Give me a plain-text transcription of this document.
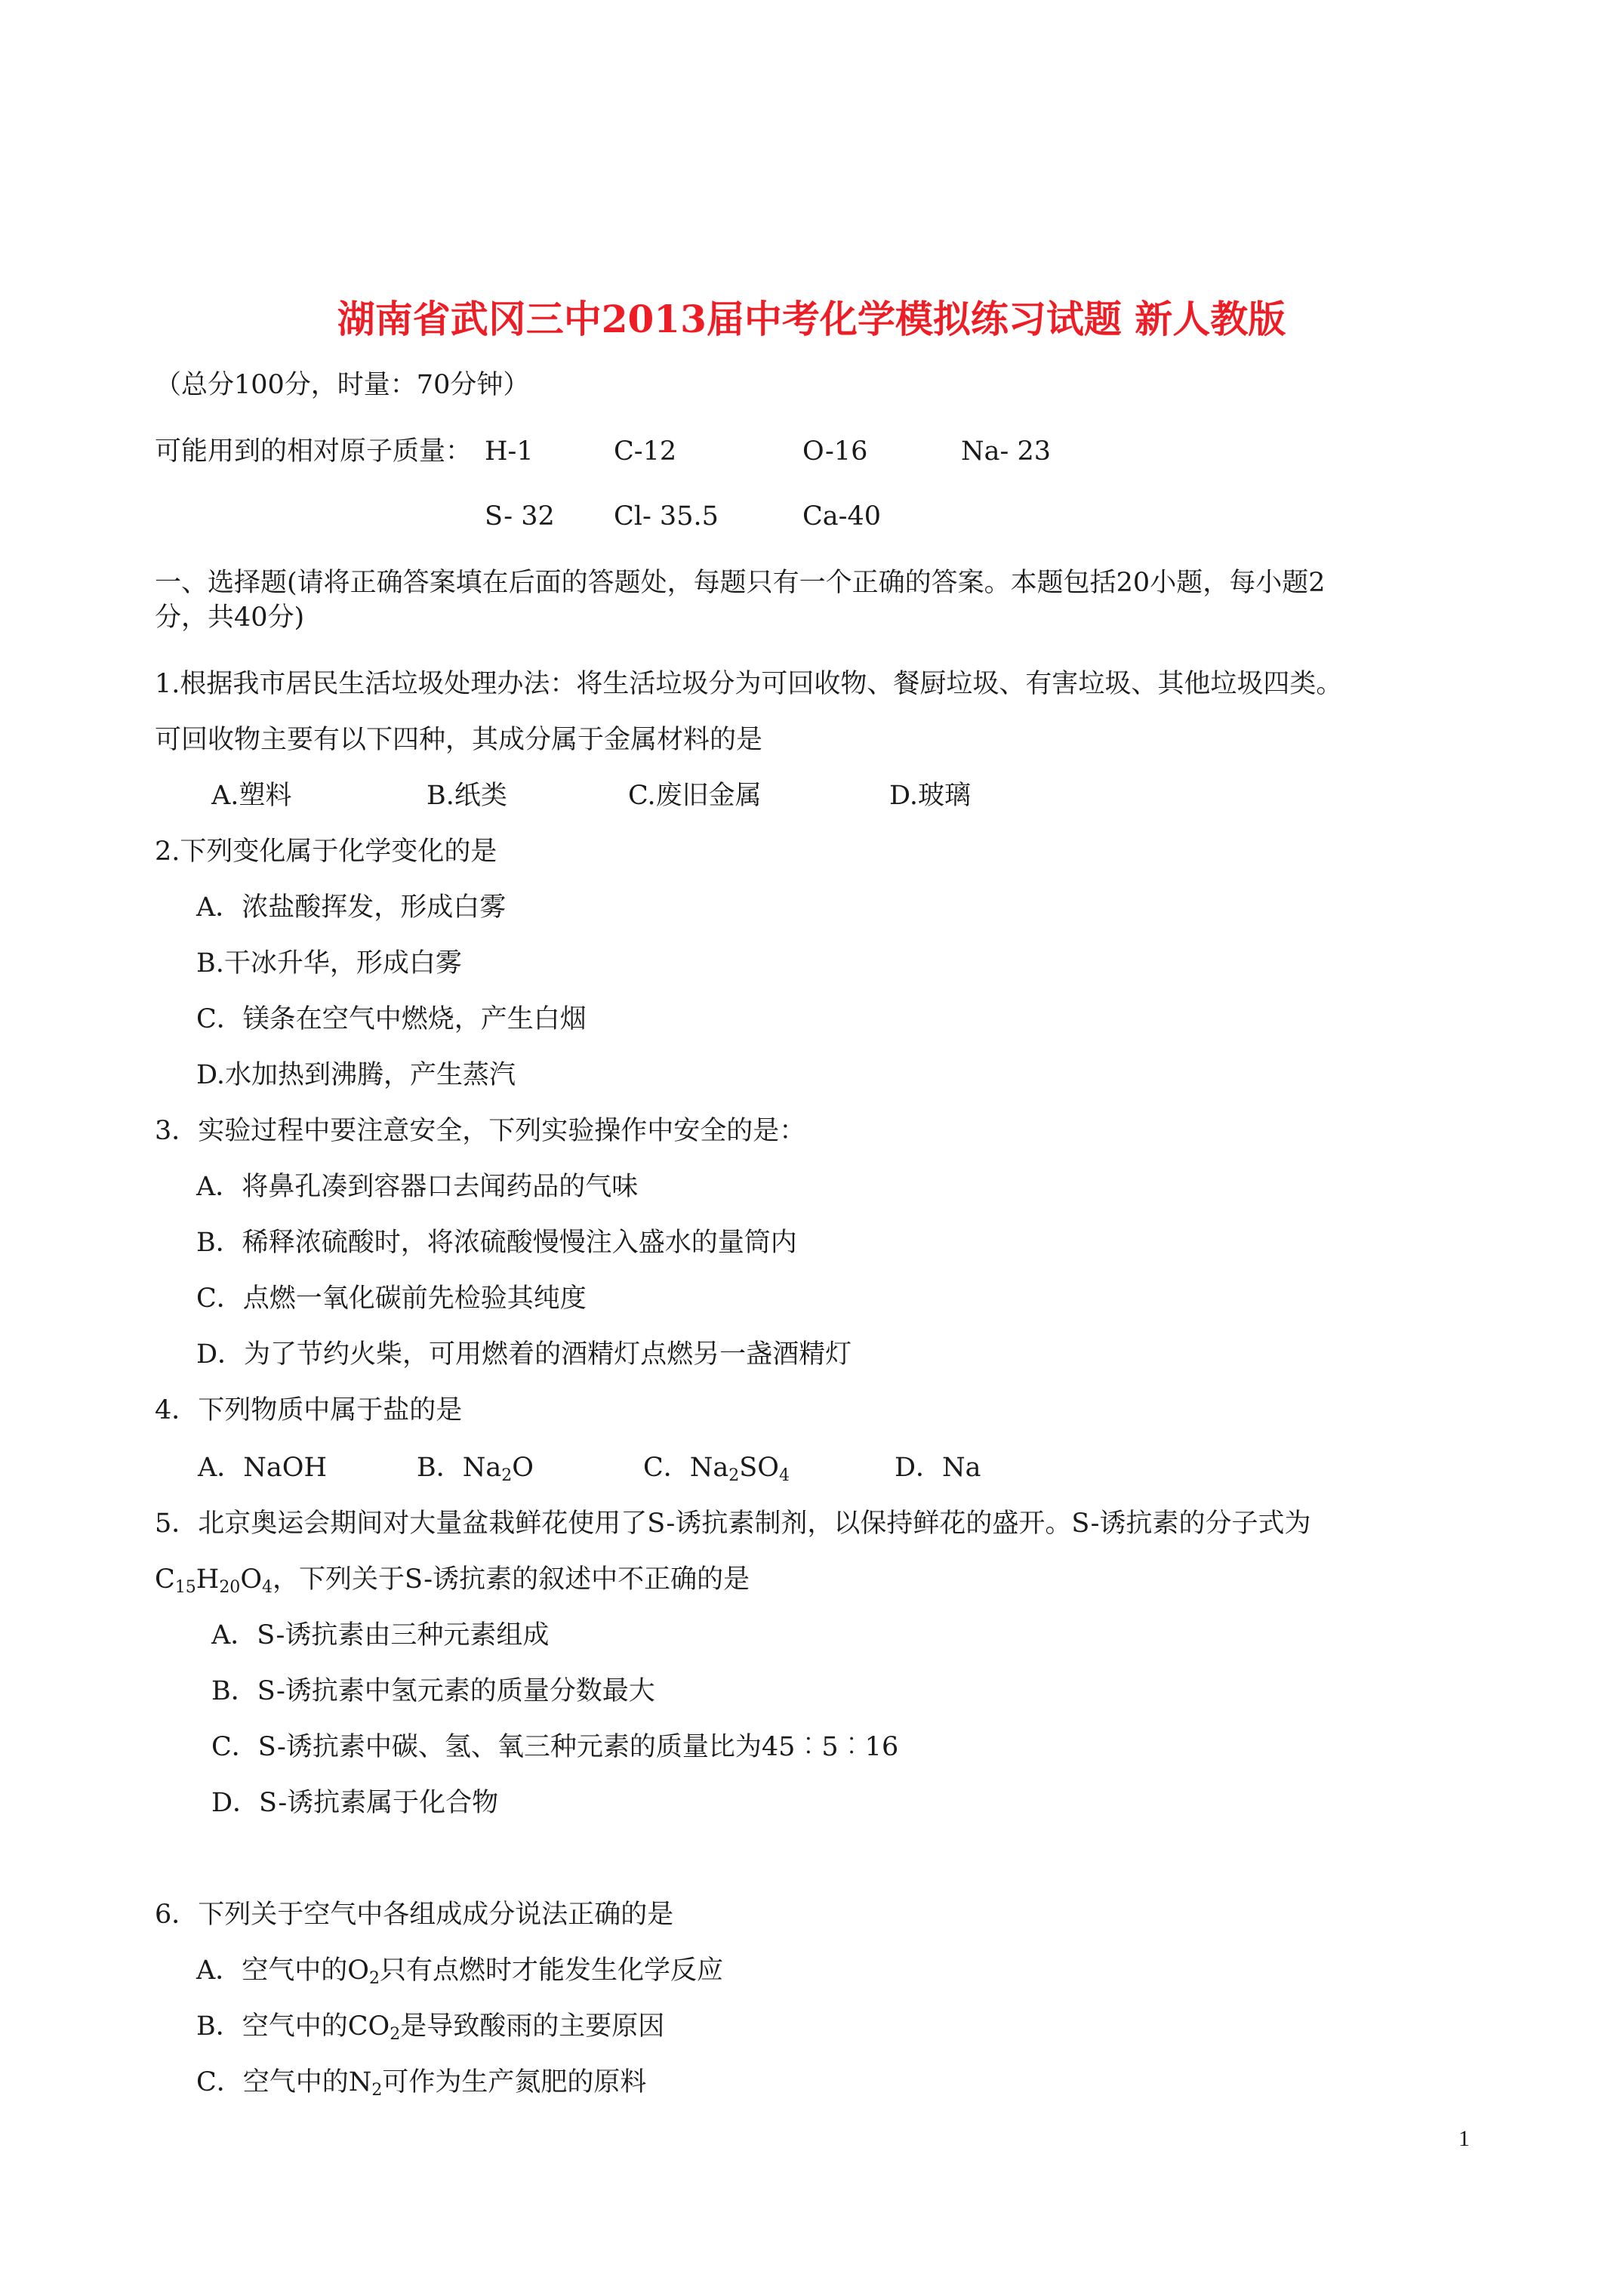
湖南省武冈三中2013届中考化学模拟练习试题 新人教版
（总分100分，时量：70分钟）
可能用到的相对原子质量： H-1	C-12	O-16	Na- 23
S- 32 Cl- 35.5	Ca-40
一、选择题(请将正确答案填在后面的答题处，每题只有一个正确的答案。本题包括20小题，每小题2
分，共40分)
1.根据我市居民生活垃圾处理办法：将生活垃圾分为可回收物、餐厨垃圾、有害垃圾、其他垃圾四类。
可回收物主要有以下四种，其成分属于金属材料的是
A.塑料	B.纸类	C.废旧金属	D.玻璃
2.下列变化属于化学变化的是
A．浓盐酸挥发，形成白雾
B.干冰升华，形成白雾
C．镁条在空气中燃烧，产生白烟
D.水加热到沸腾，产生蒸汽
3．实验过程中要注意安全，下列实验操作中安全的是：
A．将鼻孔凑到容器口去闻药品的气味
B．稀释浓硫酸时，将浓硫酸慢慢注入盛水的量筒内
C．点燃一氧化碳前先检验其纯度
D．为了节约火柴，可用燃着的酒精灯点燃另一盏酒精灯
4．下列物质中属于盐的是
A．NaOH	B．$Na_2O$	C．$Na_2SO_4$	D．Na
5．北京奥运会期间对大量盆栽鲜花使用了S-诱抗素制剂，以保持鲜花的盛开。S-诱抗素的分子式为
$C_{15}H_{20}O_4$，下列关于S-诱抗素的叙述中不正确的是
A．S-诱抗素由三种元素组成
B．S-诱抗素中氢元素的质量分数最大
C．S-诱抗素中碳、氢、氧三种元素的质量比为45︰5︰16
D．S-诱抗素属于化合物
6．下列关于空气中各组成成分说法正确的是
A．空气中的$O_2$只有点燃时才能发生化学反应
B．空气中的$CO_2$是导致酸雨的主要原因
C．空气中的$N_2$可作为生产氮肥的原料
1
